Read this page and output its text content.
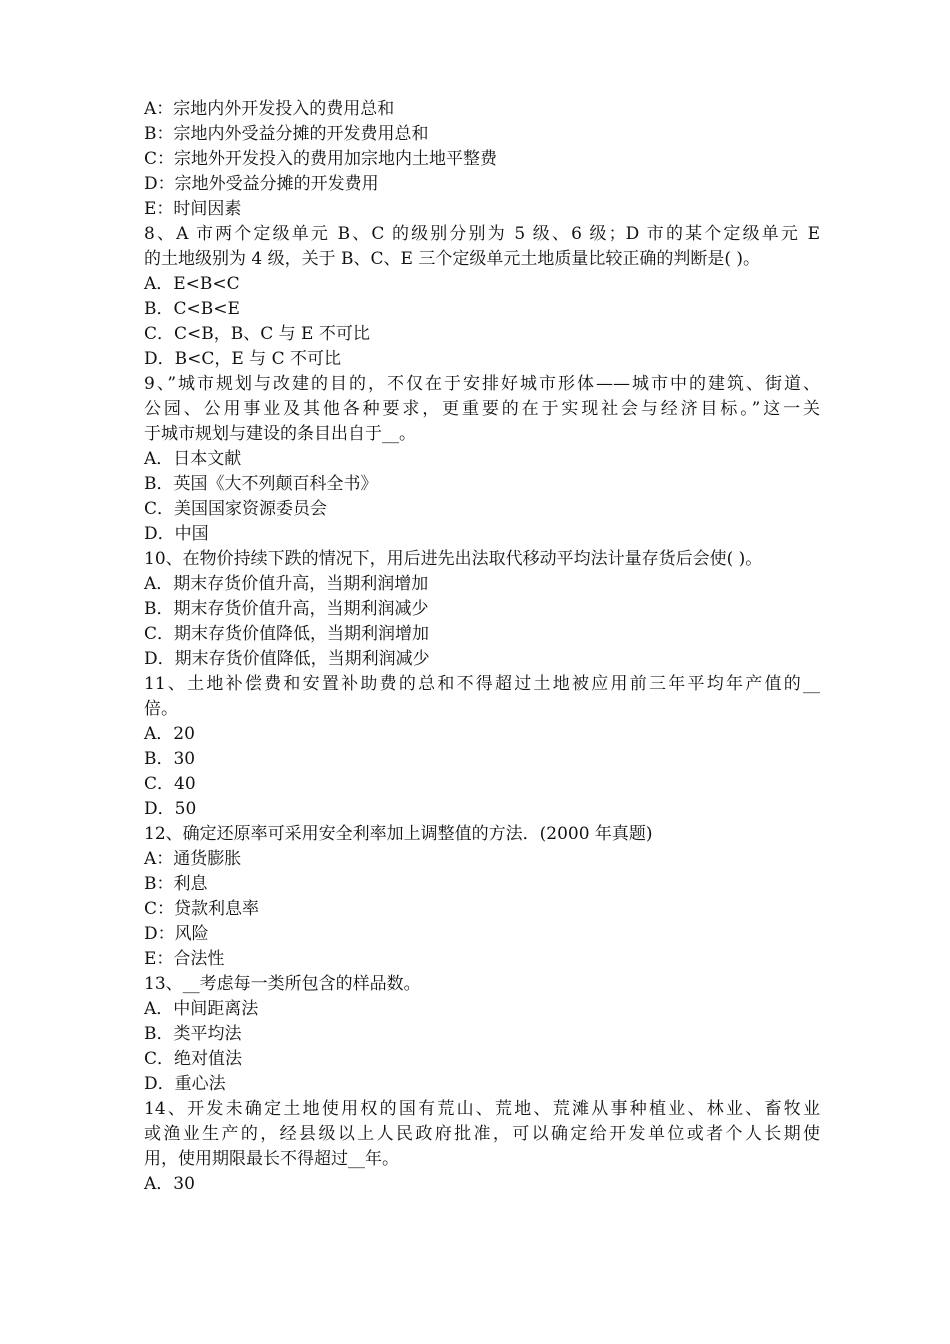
A：宗地内外开发投入的费用总和
B：宗地内外受益分摊的开发费用总和
C：宗地外开发投入的费用加宗地内土地平整费
D：宗地外受益分摊的开发费用
E：时间因素
8、A 市两个定级单元 B、C 的级别分别为 5 级、6 级；D 市的某个定级单元 E
的土地级别为 4 级，关于 B、C、E 三个定级单元土地质量比较正确的判断是( )。
A．E<B<C
B．C<B<E
C．C<B，B、C 与 E 不可比
D．B<C，E 与 C 不可比
9、”城市规划与改建的目的，不仅在于安排好城市形体——城市中的建筑、街道、
公园、公用事业及其他各种要求，更重要的在于实现社会与经济目标。”这一关
于城市规划与建设的条目出自于__。
A．日本文献
B．英国《大不列颠百科全书》
C．美国国家资源委员会
D．中国
10、在物价持续下跌的情况下，用后进先出法取代移动平均法计量存货后会使( )。
A．期末存货价值升高，当期利润增加
B．期末存货价值升高，当期利润减少
C．期末存货价值降低，当期利润增加
D．期末存货价值降低，当期利润减少
11、土地补偿费和安置补助费的总和不得超过土地被应用前三年平均年产值的__
倍。
A．20
B．30
C．40
D．50
12、确定还原率可采用安全利率加上调整值的方法．(2000 年真题)
A：通货膨胀
B：利息
C：贷款利息率
D：风险
E：合法性
13、__考虑每一类所包含的样品数。
A．中间距离法
B．类平均法
C．绝对值法
D．重心法
14、开发未确定土地使用权的国有荒山、荒地、荒滩从事种植业、林业、畜牧业
或渔业生产的，经县级以上人民政府批准，可以确定给开发单位或者个人长期使
用，使用期限最长不得超过__年。
A．30
